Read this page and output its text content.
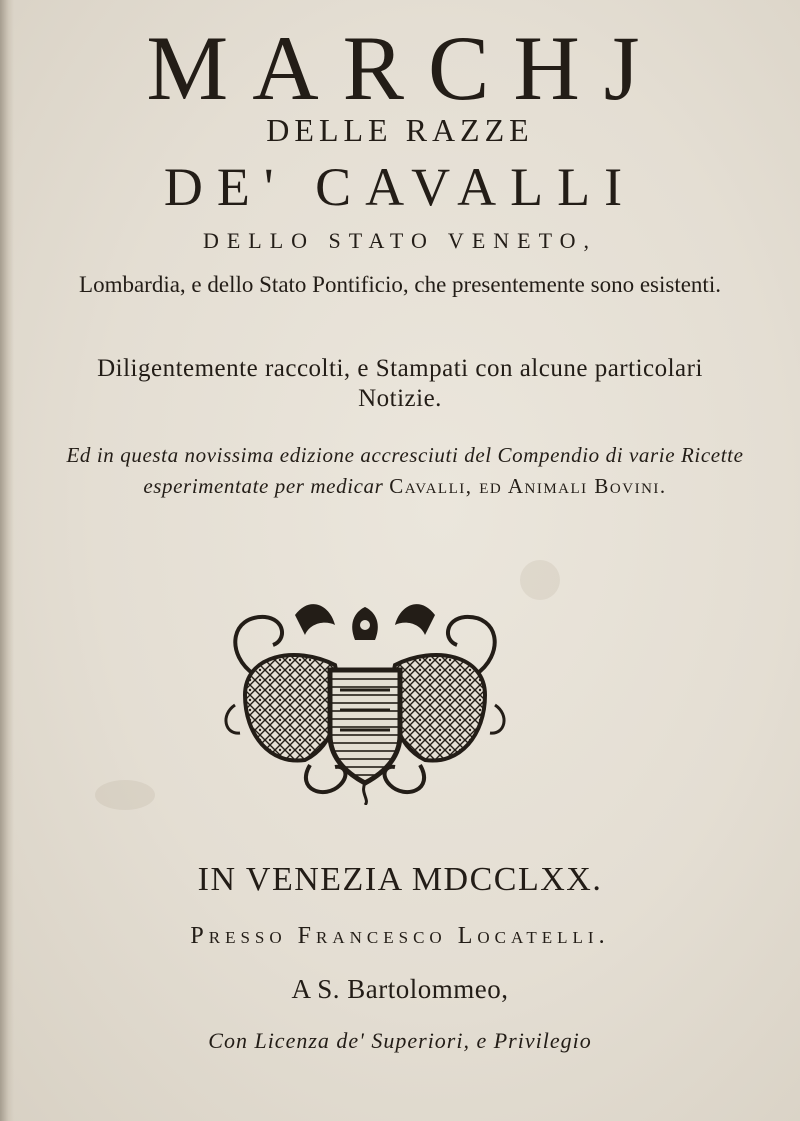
MARCHJ
DELLE RAZZE
DE' CAVALLI
DELLO STATO VENETO,
Lombardia, e dello Stato Pontificio, che presentemente sono esistenti.
Diligentemente raccolti, e Stampati con alcune particolari Notizie.
Ed in questa novissima edizione accresciuti del Compendio di varie Ricette esperimentate per medicar Cavalli, ed Animali Bovini.
IN VENEZIA MDCCLXX.
Presso Francesco Locatelli.
A S. Bartolommeo,
Con Licenza de' Superiori, e Privilegio
